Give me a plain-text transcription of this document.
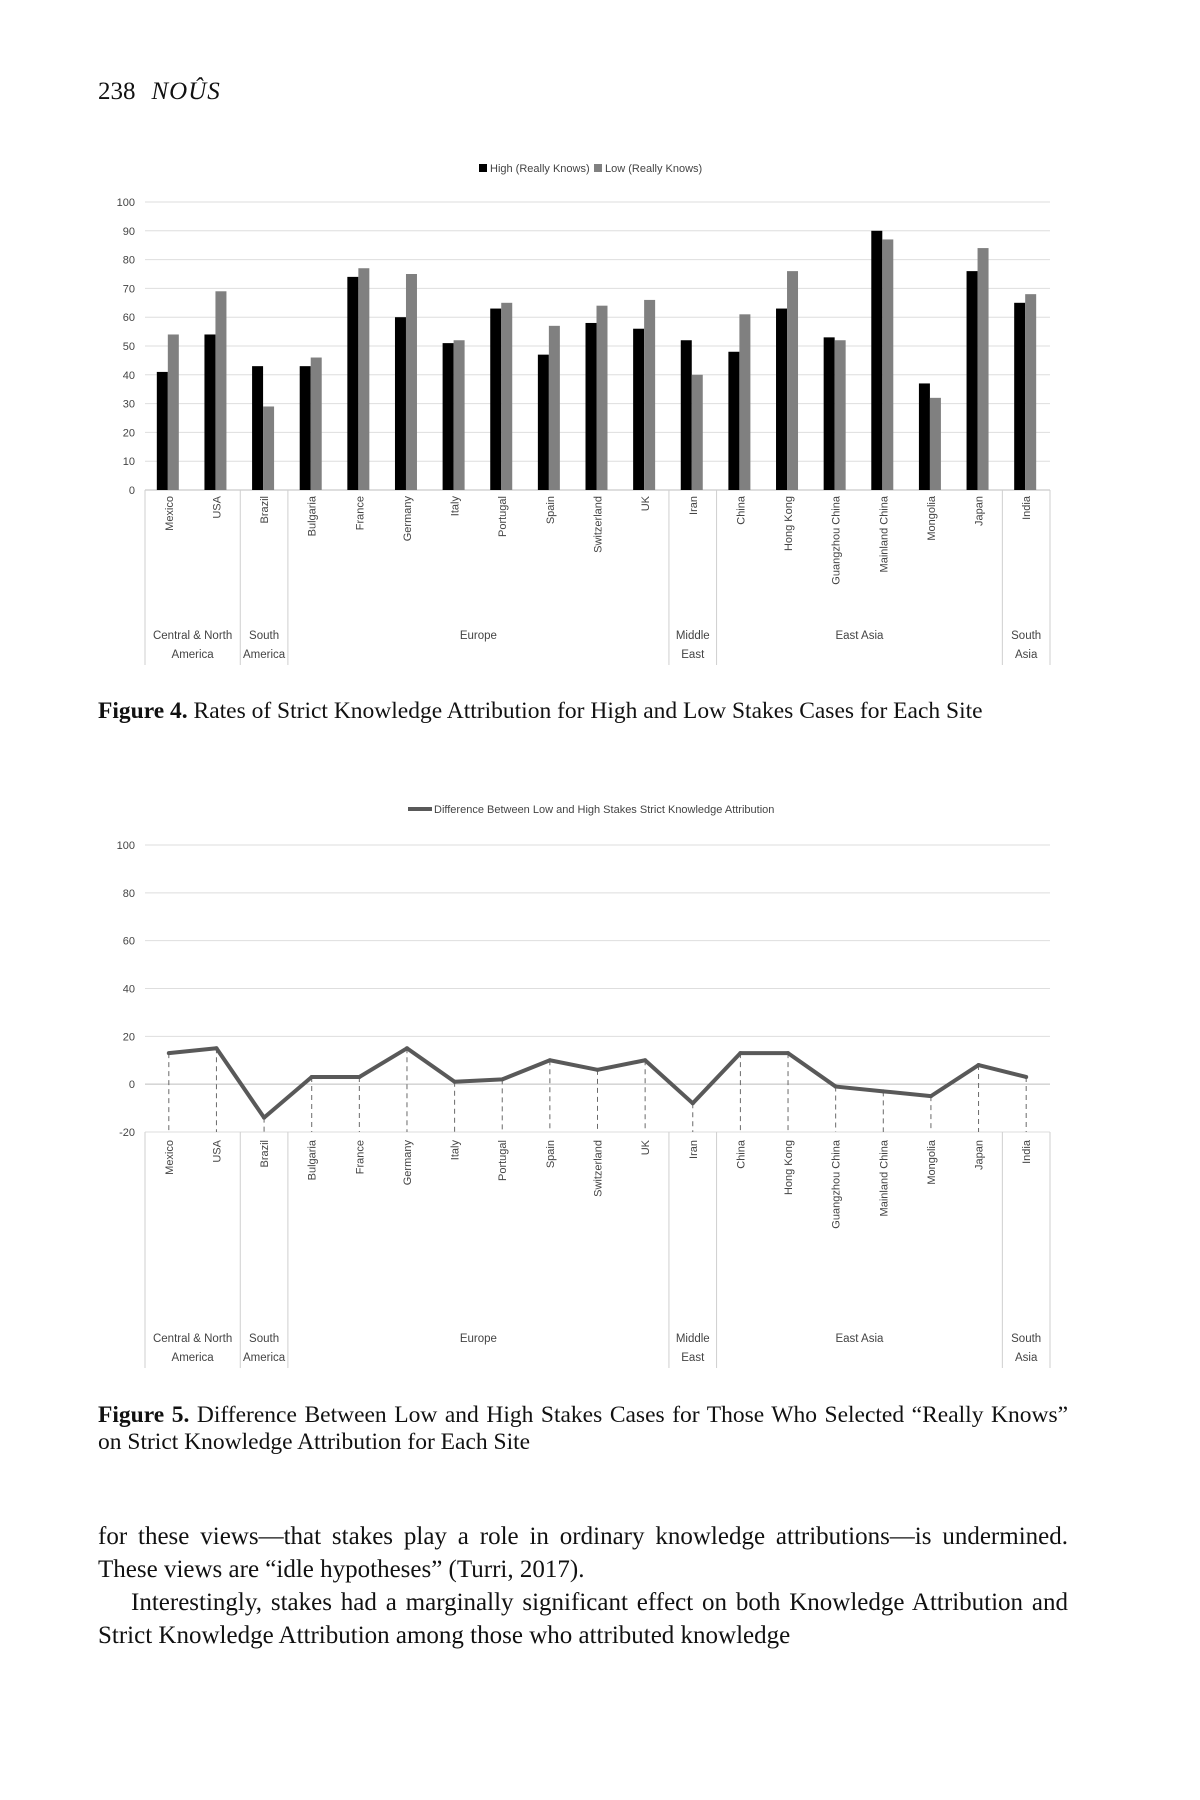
238 NOÛS
High (Really Knows) Low (Really Knows)
0
10
20
30
40
50
60
70
80
90
100
Mexico	USA	Brazil	Bulgaria	France	Germany	Italy	Portugal	Spain	Switzerland	UK	Iran	China	Hong Kong	Guangzhou China	Mainland China	Mongolia	Japan	India
Central & North
America
South
America
Europe	Middle
East
East Asia	South
Asia
Figure 4. Rates of Strict Knowledge Attribution for High and Low Stakes Cases for Each Site
Difference Between Low and High Stakes Strict Knowledge Attribution
-20
0
20
40
60
80
100
Mexico	USA	Brazil	Bulgaria	France	Germany	Italy	Portugal	Spain	Switzerland	UK	Iran	China	Hong Kong	Guangzhou China	Mainland China	Mongolia	Japan	India
Central & North
America
South
America
Europe	Middle
East
East Asia	South
Asia
Figure 5. Difference Between Low and High Stakes Cases for Those Who Selected “Really Knows” on Strict Knowledge Attribution for Each Site

for these views—that stakes play a role in ordinary knowledge attributions—is undermined. These views are “idle hypotheses” (Turri, 2017).

Interestingly, stakes had a marginally significant effect on both Knowledge Attribution and Strict Knowledge Attribution among those who attributed knowledge
